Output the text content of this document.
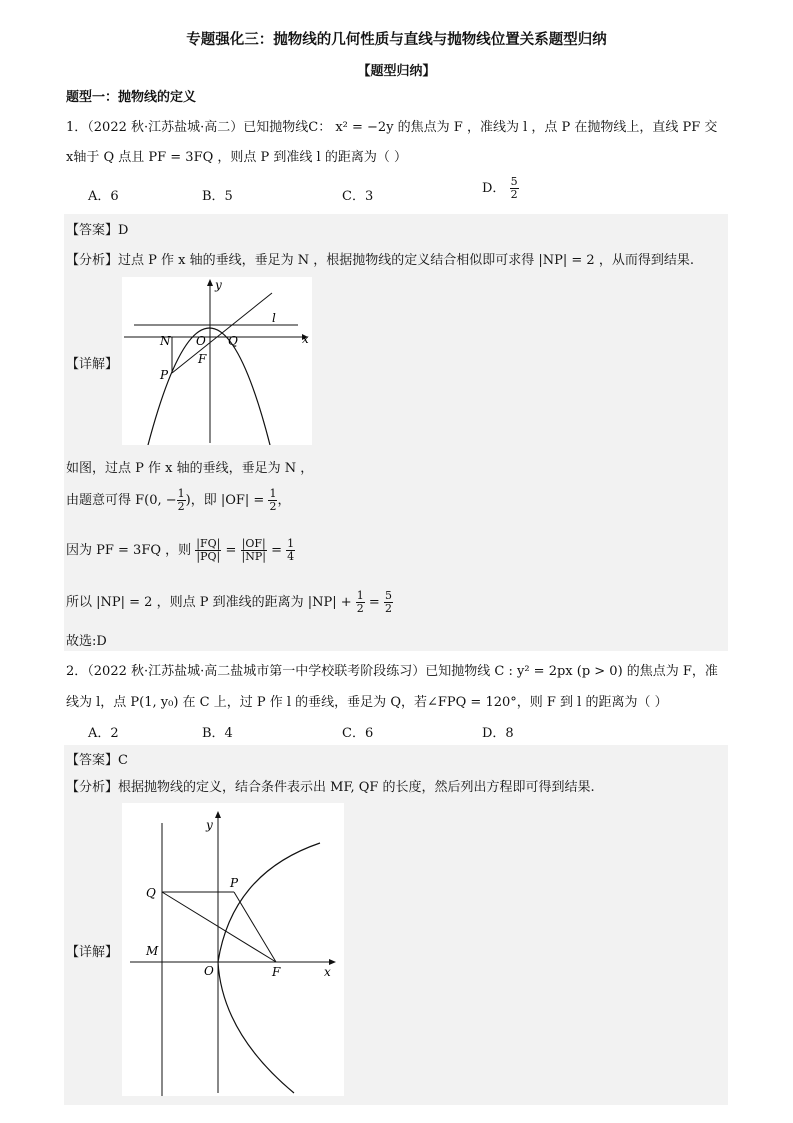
专题强化三：抛物线的几何性质与直线与抛物线位置关系题型归纳
【题型归纳】
题型一：抛物线的定义
1．（2022 秋·江苏盐城·高二）已知抛物线C： x² = −2y 的焦点为 F ，准线为 l ，点 P 在抛物线上，直线 PF 交
x轴于 Q 点且 PF = 3FQ ，则点 P 到准线 l 的距离为（ ）
A．6	B．5	C．3
D． $\frac{5}{2}$
【答案】D
【分析】过点 P 作 x 轴的垂线，垂足为 N ，根据抛物线的定义结合相似即可求得 |NP| = 2 ，从而得到结果.
【详解】
y
x
l
N O Q
F
P
如图，过点 P 作 x 轴的垂线，垂足为 N ，
由题意可得 F(0, − $\frac{1}{2}$ )，即 $|OF| = \frac{1}{2}$ ，
因为 PF = 3FQ ，则 $\frac{|FQ|}{|PQ|} = \frac{|OF|}{|NP|} = \frac{1}{4}$
所以 |NP| = 2 ，则点 P 到准线的距离为 $|NP| + \frac{1}{2} = \frac{5}{2}$
故选:D
2．（2022 秋·江苏盐城·高二盐城市第一中学校联考阶段练习）已知抛物线 C : y² = 2px (p > 0) 的焦点为 F，准
线为 l，点 P(1, y₀) 在 C 上，过 P 作 l 的垂线，垂足为 Q，若∠FPQ = 120°，则 F 到 l 的距离为（ ）
A．2	B．4	C．6	D．8
【答案】C
【分析】根据抛物线的定义，结合条件表示出 MF, QF 的长度，然后列出方程即可得到结果.
【详解】
y
x
Q
P
M
O	F
